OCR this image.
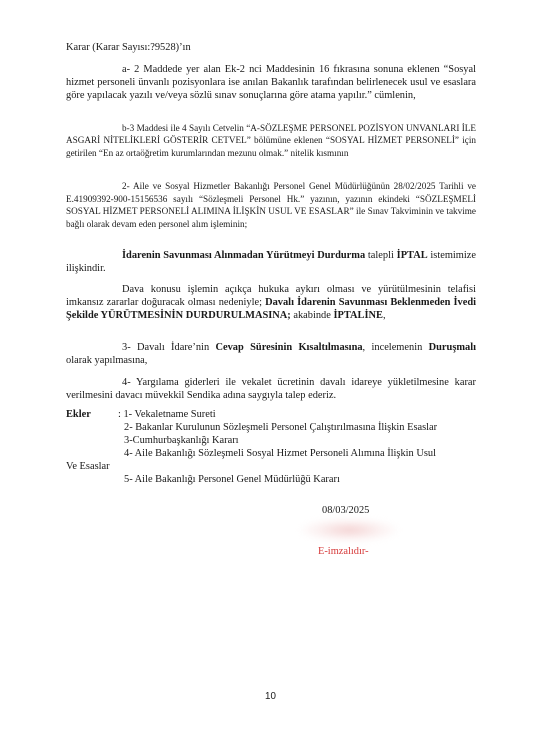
Karar (Karar Sayısı:?9528)’ın

a- 2 Maddede yer alan Ek-2 nci Maddesinin 16 fıkrasına sonuna eklenen “Sosyal hizmet personeli ünvanlı pozisyonlara ise anılan Bakanlık tarafından belirlenecek usul ve esaslara göre yapılacak yazılı ve/veya sözlü sınav sonuçlarına göre atama yapılır.” cümlenin,

b-3 Maddesi ile 4 Sayılı Cetvelin “A-SÖZLEŞME PERSONEL POZİSYON UNVANLARI İLE ASGARİ NİTELİKLERİ GÖSTERİR CETVEL” bölümüne eklenen “SOSYAL HİZMET PERSONELİ” için getirilen “En az ortaöğretim kurumlarından mezunu olmak.” nitelik kısmının

2- Aile ve Sosyal Hizmetler Bakanlığı Personel Genel Müdürlüğünün 28/02/2025 Tarihli ve E.41909392-900-15156536 sayılı “Sözleşmeli Personel Hk.” yazının, yazının ekindeki “SÖZLEŞMELİ SOSYAL HİZMET PERSONELİ ALIMINA İLİŞKİN USUL VE ESASLAR” ile Sınav Takviminin ve takvime bağlı olarak devam eden personel alım işleminin;

İdarenin Savunması Alınmadan Yürütmeyi Durdurma talepli İPTAL istemimize ilişkindir.

Dava konusu işlemin açıkça hukuka aykırı olması ve yürütülmesinin telafisi imkansız zararlar doğuracak olması nedeniyle; Davalı İdarenin Savunması Beklenmeden İvedi Şekilde YÜRÜTMESİNİN DURDURULMASINA; akabinde İPTALİNE,

3- Davalı İdare’nin Cevap Süresinin Kısaltılmasına, incelemenin Duruşmalı olarak yapılmasına,

4- Yargılama giderleri ile vekalet ücretinin davalı idareye yükletilmesine karar verilmesini davacı müvekkil Sendika adına saygıyla talep ederiz.

Ekler	: 1- Vekaletname Sureti

2- Bakanlar Kurulunun Sözleşmeli Personel Çalıştırılmasına İlişkin Esaslar

3-Cumhurbaşkanlığı Kararı

4- Aile Bakanlığı Sözleşmeli Sosyal Hizmet Personeli Alımına İlişkin Usul

Ve Esaslar

5- Aile Bakanlığı Personel Genel Müdürlüğü Kararı

08/03/2025

E-imzalıdır-

10
